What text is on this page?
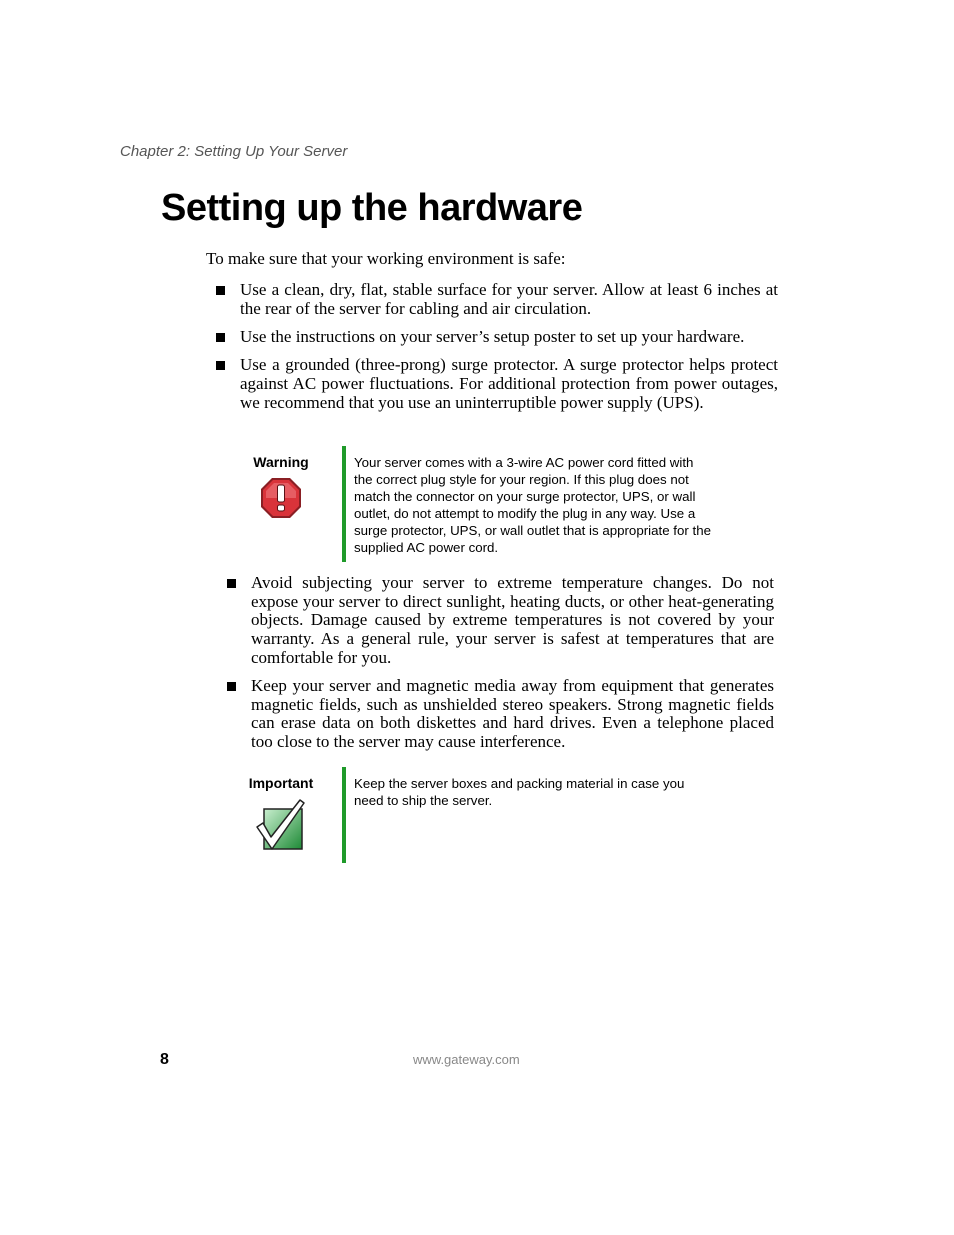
Chapter 2: Setting Up Your Server

Setting up the hardware

To make sure that your working environment is safe:

Use a clean, dry, flat, stable surface for your server. Allow at least 6 inches at the rear of the server for cabling and air circulation.
Use the instructions on your server’s setup poster to set up your hardware.
Use a grounded (three-prong) surge protector. A surge protector helps protect against AC power fluctuations. For additional protection from power outages, we recommend that you use an uninterruptible power supply (UPS).
Warning	Your server comes with a 3-wire AC power cord fitted with the correct plug style for your region. If this plug does not match the connector on your surge protector, UPS, or wall outlet, do not attempt to modify the plug in any way. Use a surge protector, UPS, or wall outlet that is appropriate for the supplied AC power cord.

Avoid subjecting your server to extreme temperature changes. Do not expose your server to direct sunlight, heating ducts, or other heat-generating objects. Damage caused by extreme temperatures is not covered by your warranty. As a general rule, your server is safest at temperatures that are comfortable for you.
Keep your server and magnetic media away from equipment that generates magnetic fields, such as unshielded stereo speakers. Strong magnetic fields can erase data on both diskettes and hard drives. Even a telephone placed too close to the server may cause interference.
Important	Keep the server boxes and packing material in case you need to ship the server.

8	www.gateway.com
